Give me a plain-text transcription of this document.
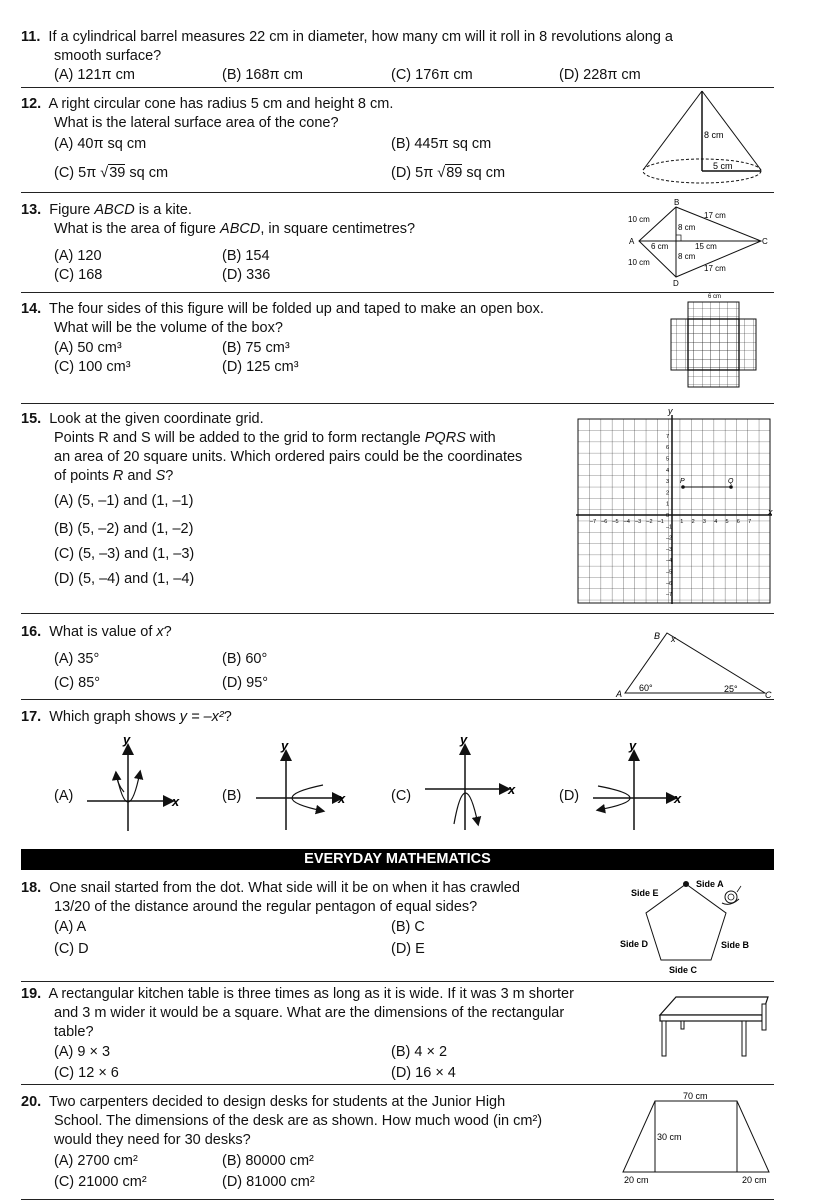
11. If a cylindrical barrel measures 22 cm in diameter, how many cm will it roll in 8 revolutions along a
smooth surface?
(A) 121π cm	(B) 168π cm	(C) 176π cm	(D) 228π cm
12. A right circular cone has radius 5 cm and height 8 cm.
What is the lateral surface area of the cone?
(A) 40π sq cm	(B) 445π sq cm
(C) 5π √39 sq cm	(D) 5π √89 sq cm
8 cm
5 cm
13. Figure ABCD is a kite.
What is the area of figure ABCD, in square centimetres?
(A) 120	(B) 154
(C) 168	(D) 336
B
A	C
D
10 cm
10 cm
17 cm
17 cm
8 cm
8 cm
6 cm	15 cm
14. The four sides of this figure will be folded up and taped to make an open box.
What will be the volume of the box?
(A) 50 cm³	(B) 75 cm³
(C) 100 cm³	(D) 125 cm³
6 cm
15. Look at the given coordinate grid.
Points R and S will be added to the grid to form rectangle PQRS with
an area of 20 square units. Which ordered pairs could be the coordinates
of points R and S?
(A) (5, –1) and (1, –1)
(B) (5, –2) and (1, –2)
(C) (5, –3) and (1, –3)
(D) (5, –4) and (1, –4)
x
y
P	Q
–7 –6 –5 –4 –3 –2 –1	1 2 3 4 5 6 7
7
6
5
4
3
2
1
0
–1
–2
–3
–4
–5
–6
–7
16. What is value of x?
(A) 35°	(B) 60°
(C) 85°	(D) 95°
B x
A	C
60°	25°
17. Which graph shows y = –x²?
(A)	(B)	(C)	(D)
y
x
y
x
y
x
y
x
EVERYDAY MATHEMATICS
18. One snail started from the dot. What side will it be on when it has crawled
13/20 of the distance around the regular pentagon of equal sides?
(A) A	(B) C
(C) D	(D) E
Side A
Side B
Side C
Side D
Side E
19. A rectangular kitchen table is three times as long as it is wide. If it was 3 m shorter
and 3 m wider it would be a square. What are the dimensions of the rectangular
table?
(A) 9 × 3	(B) 4 × 2
(C) 12 × 6	(D) 16 × 4
20. Two carpenters decided to design desks for students at the Junior High
School. The dimensions of the desk are as shown. How much wood (in cm²)
would they need for 30 desks?
(A) 2700 cm²	(B) 80000 cm²
(C) 21000 cm²	(D) 81000 cm²
70 cm
30 cm
20 cm	20 cm
